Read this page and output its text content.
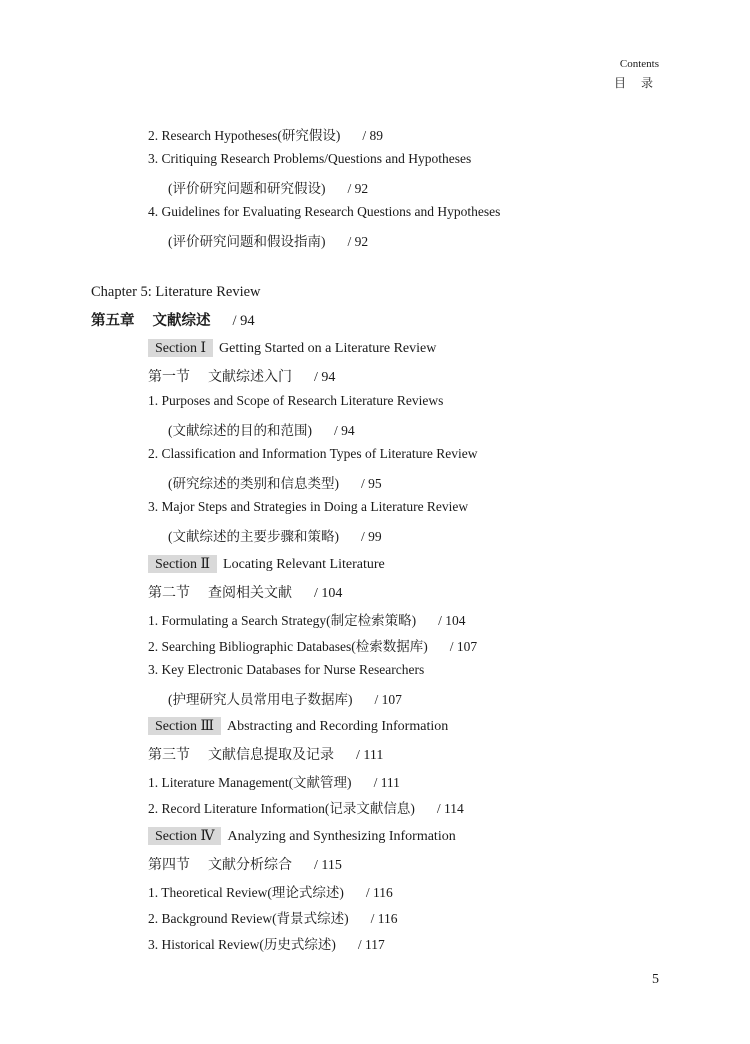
Contents
目 录
2. Research Hypotheses(研究假设) / 89
3. Critiquing Research Problems/Questions and Hypotheses
(评价研究问题和研究假设) / 92
4. Guidelines for Evaluating Research Questions and Hypotheses
(评价研究问题和假设指南) / 92
Chapter 5: Literature Review
第五章 文献综述 / 94
Section Ⅰ Getting Started on a Literature Review
第一节 文献综述入门 / 94
1. Purposes and Scope of Research Literature Reviews
(文献综述的目的和范围) / 94
2. Classification and Information Types of Literature Review
(研究综述的类别和信息类型) / 95
3. Major Steps and Strategies in Doing a Literature Review
(文献综述的主要步骤和策略) / 99
Section Ⅱ Locating Relevant Literature
第二节 查阅相关文献 / 104
1. Formulating a Search Strategy(制定检索策略) / 104
2. Searching Bibliographic Databases(检索数据库) / 107
3. Key Electronic Databases for Nurse Researchers
(护理研究人员常用电子数据库) / 107
Section Ⅲ Abstracting and Recording Information
第三节 文献信息提取及记录 / 111
1. Literature Management(文献管理) / 111
2. Record Literature Information(记录文献信息) / 114
Section Ⅳ Analyzing and Synthesizing Information
第四节 文献分析综合 / 115
1. Theoretical Review(理论式综述) / 116
2. Background Review(背景式综述) / 116
3. Historical Review(历史式综述) / 117
5
